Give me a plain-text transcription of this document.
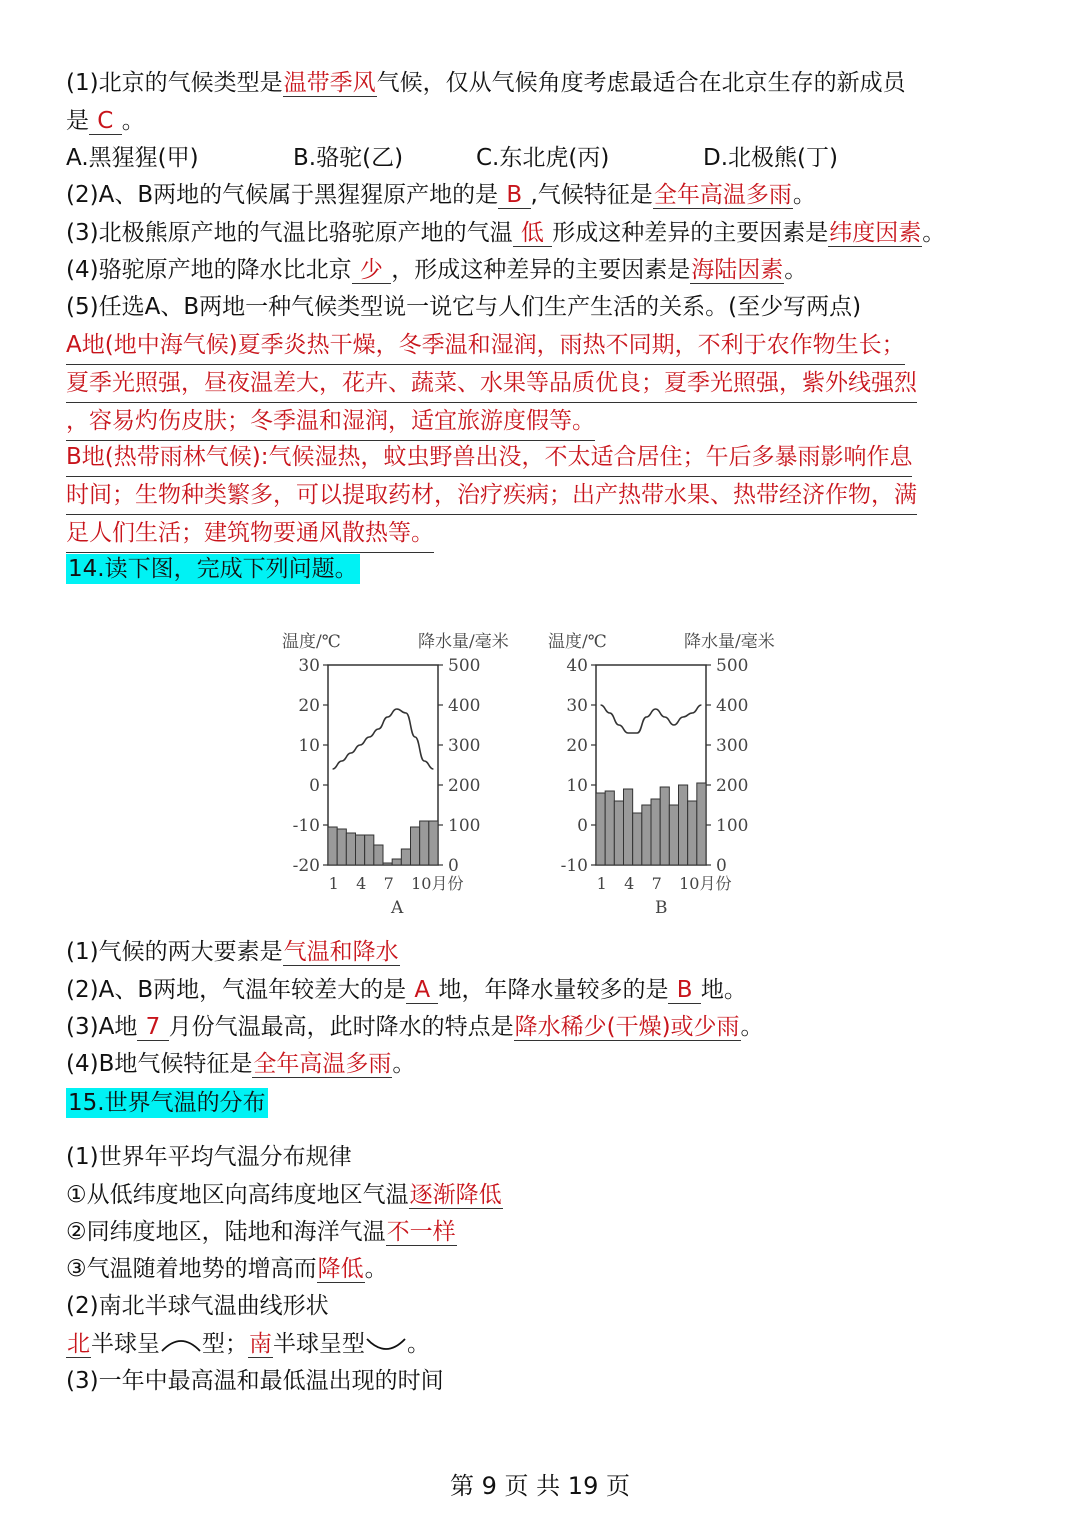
(1)北京的气候类型是温带季风气候，仅从气候角度考虑最适合在北京生存的新成员
是 C 。
A.黑猩猩(甲)	B.骆驼(乙)	C.东北虎(丙)	D.北极熊(丁)
(2)A、B两地的气候属于黑猩猩原产地的是 B ,气候特征是全年高温多雨。
(3)北极熊原产地的气温比骆驼原产地的气温 低 形成这种差异的主要因素是纬度因素。
(4)骆驼原产地的降水比北京 少 ，形成这种差异的主要因素是海陆因素。
(5)任选A、B两地一种气候类型说一说它与人们生产生活的关系。(至少写两点)
A地(地中海气候)夏季炎热干燥，冬季温和湿润，雨热不同期，不利于农作物生长；
夏季光照强，昼夜温差大，花卉、蔬菜、水果等品质优良；夏季光照强，紫外线强烈
，容易灼伤皮肤；冬季温和湿润，适宜旅游度假等。
B地(热带雨林气候):气候湿热，蚊虫野兽出没，不太适合居住；午后多暴雨影响作息
时间；生物种类繁多，可以提取药材，治疗疾病；出产热带水果、热带经济作物，满
足人们生活；建筑物要通风散热等。
14.读下图，完成下列问题。
温度/℃	降水量/毫米
30	500
20	400
10	300
0	200
-10	100
-20	0
1 4 7 10月份
A
温度/℃	降水量/毫米
40	500
30	400
20	300
10	200
0	100
-10	0
1 4 7 10月份
B
(1)气候的两大要素是气温和降水
(2)A、B两地，气温年较差大的是 A 地，年降水量较多的是 B 地。
(3)A地 7 月份气温最高，此时降水的特点是降水稀少(干燥)或少雨。
(4)B地气候特征是全年高温多雨。
15.世界气温的分布
(1)世界年平均气温分布规律
①从低纬度地区向高纬度地区气温逐渐降低
②同纬度地区，陆地和海洋气温不一样
③气温随着地势的增高而降低。
(2)南北半球气温曲线形状
北半球呈 型；南半球呈型 。
(3)一年中最高温和最低温出现的时间
第 9 页 共 19 页
